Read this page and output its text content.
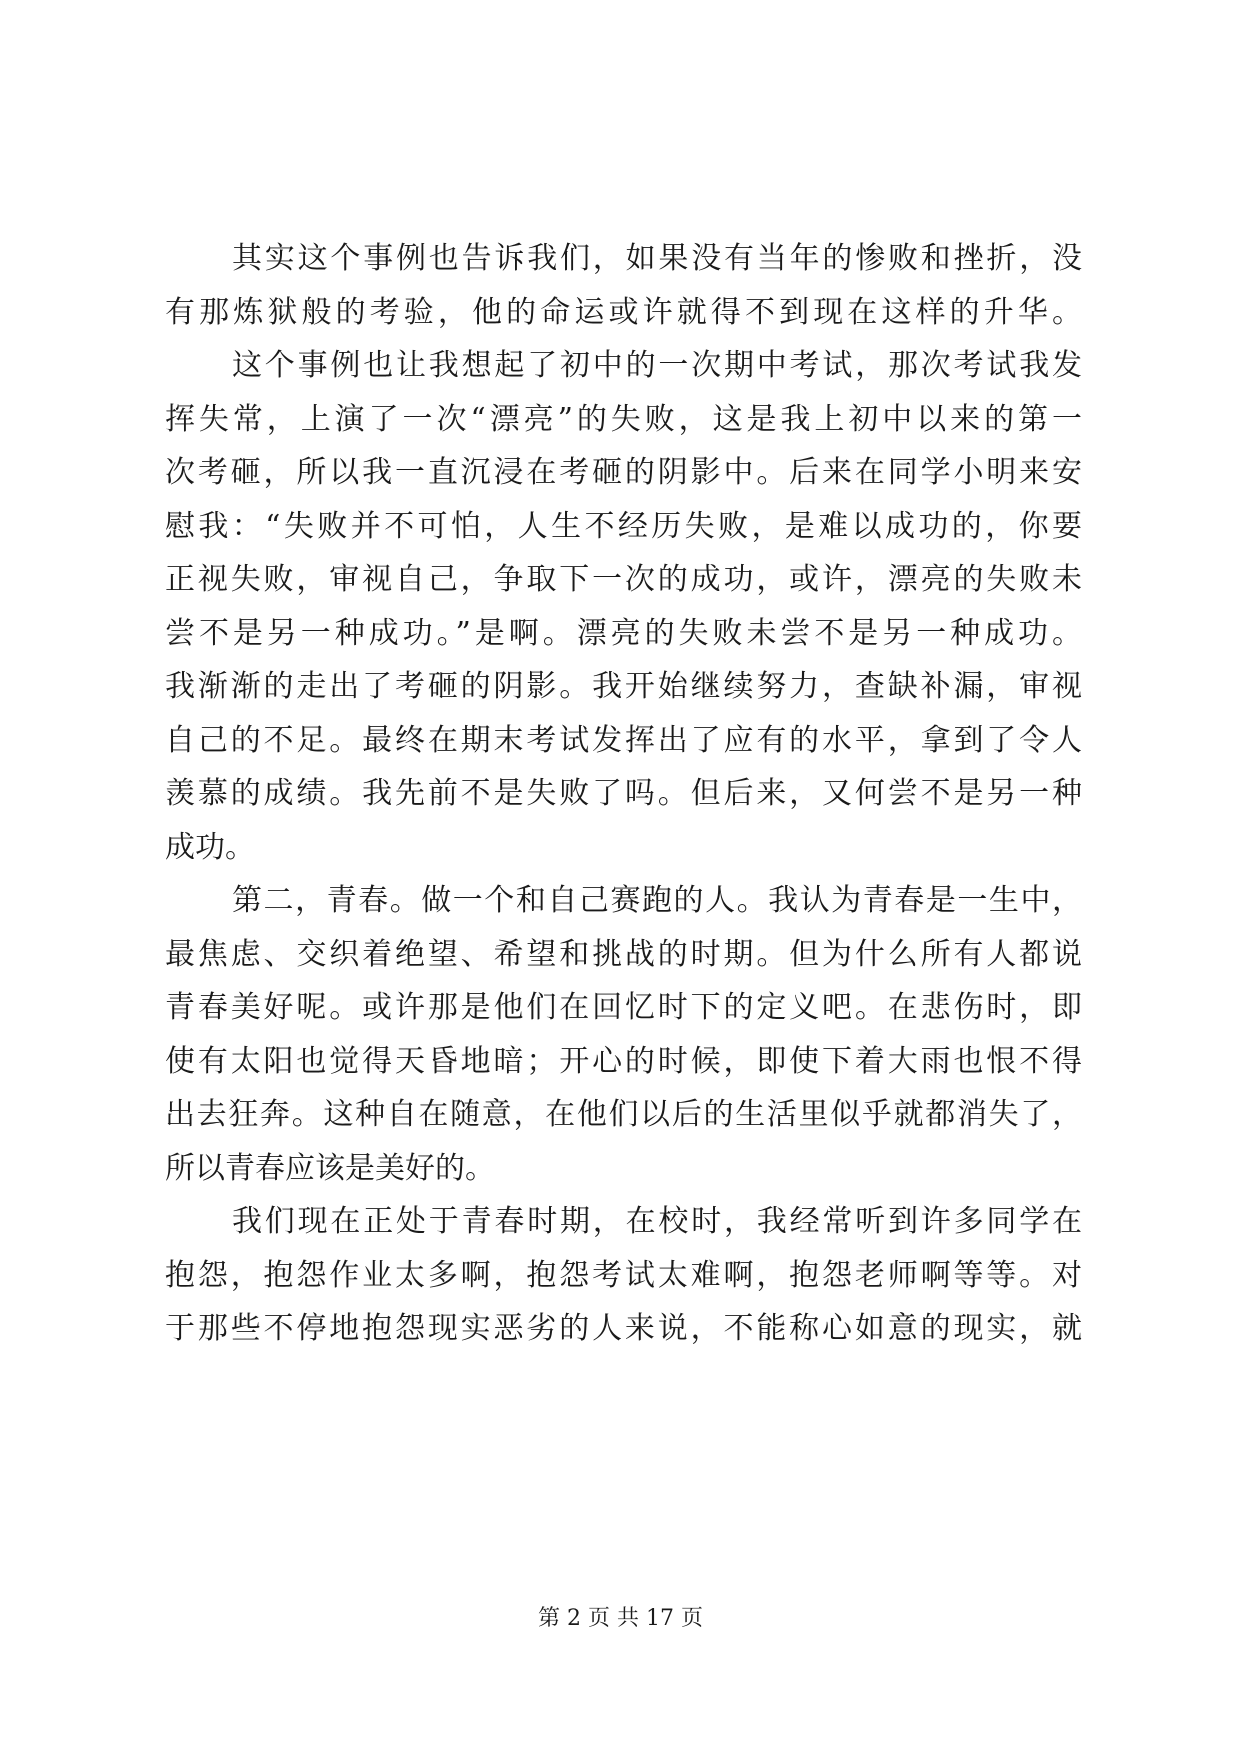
其实这个事例也告诉我们，如果没有当年的惨败和挫折，没
有那炼狱般的考验，他的命运或许就得不到现在这样的升华。
这个事例也让我想起了初中的一次期中考试，那次考试我发
挥失常，上演了一次“漂亮”的失败，这是我上初中以来的第一
次考砸，所以我一直沉浸在考砸的阴影中。后来在同学小明来安
慰我：“失败并不可怕，人生不经历失败，是难以成功的，你要
正视失败，审视自己，争取下一次的成功，或许，漂亮的失败未
尝不是另一种成功。”是啊。漂亮的失败未尝不是另一种成功。
我渐渐的走出了考砸的阴影。我开始继续努力，查缺补漏，审视
自己的不足。最终在期末考试发挥出了应有的水平，拿到了令人
羡慕的成绩。我先前不是失败了吗。但后来，又何尝不是另一种
成功。
第二，青春。做一个和自己赛跑的人。我认为青春是一生中，
最焦虑、交织着绝望、希望和挑战的时期。但为什么所有人都说
青春美好呢。或许那是他们在回忆时下的定义吧。在悲伤时，即
使有太阳也觉得天昏地暗；开心的时候，即使下着大雨也恨不得
出去狂奔。这种自在随意，在他们以后的生活里似乎就都消失了，
所以青春应该是美好的。
我们现在正处于青春时期，在校时，我经常听到许多同学在
抱怨，抱怨作业太多啊，抱怨考试太难啊，抱怨老师啊等等。对
于那些不停地抱怨现实恶劣的人来说，不能称心如意的现实，就
第 2 页 共 17 页
